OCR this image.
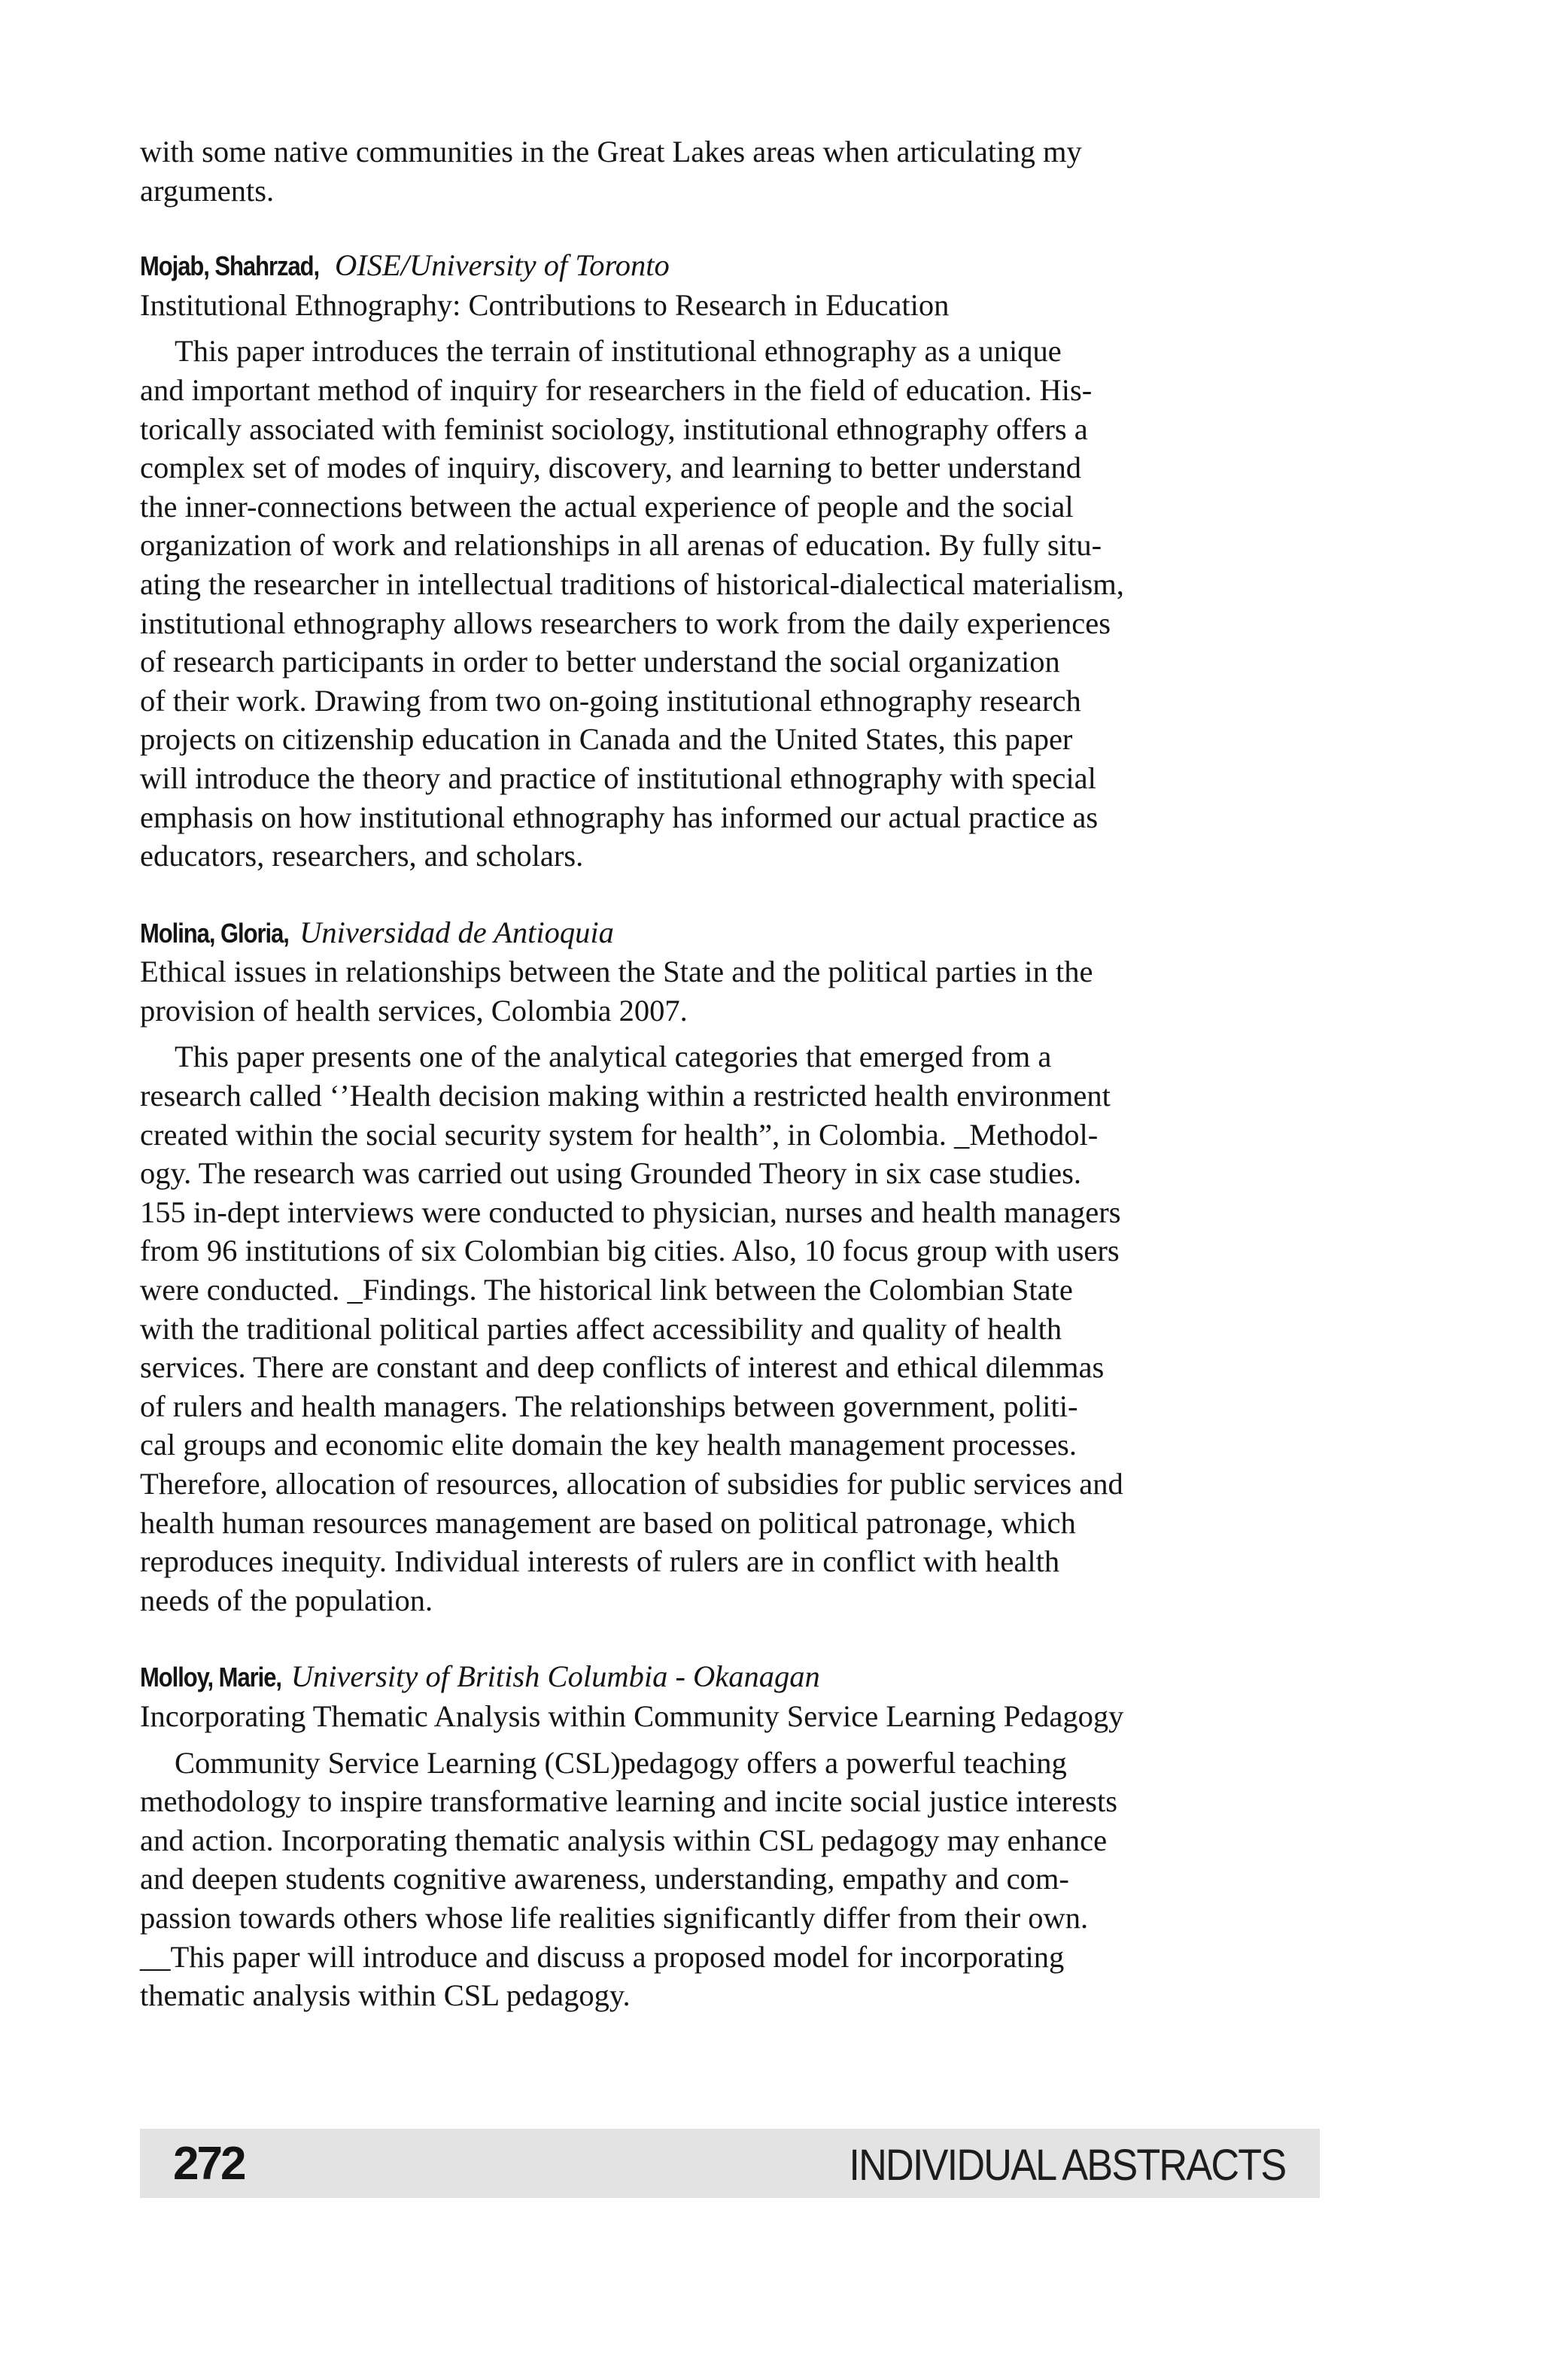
with some native communities in the Great Lakes areas when articulating my
arguments.

Mojab, Shahrzad, OISE/University of Toronto

Institutional Ethnography: Contributions to Research in Education

This paper introduces the terrain of institutional ethnography as a unique
and important method of inquiry for researchers in the field of education. His-
torically associated with feminist sociology, institutional ethnography offers a
complex set of modes of inquiry, discovery, and learning to better understand
the inner-connections between the actual experience of people and the social
organization of work and relationships in all arenas of education. By fully situ-
ating the researcher in intellectual traditions of historical-dialectical materialism,
institutional ethnography allows researchers to work from the daily experiences
of research participants in order to better understand the social organization
of their work. Drawing from two on-going institutional ethnography research
projects on citizenship education in Canada and the United States, this paper
will introduce the theory and practice of institutional ethnography with special
emphasis on how institutional ethnography has informed our actual practice as
educators, researchers, and scholars.

Molina, Gloria, Universidad de Antioquia

Ethical issues in relationships between the State and the political parties in the
provision of health services, Colombia 2007.

This paper presents one of the analytical categories that emerged from a
research called ‘’Health decision making within a restricted health environment
created within the social security system for health”, in Colombia. _Methodol-
ogy. The research was carried out using Grounded Theory in six case studies.
155 in-dept interviews were conducted to physician, nurses and health managers
from 96 institutions of six Colombian big cities. Also, 10 focus group with users
were conducted. _Findings. The historical link between the Colombian State
with the traditional political parties affect accessibility and quality of health
services. There are constant and deep conflicts of interest and ethical dilemmas
of rulers and health managers. The relationships between government, politi-
cal groups and economic elite domain the key health management processes.
Therefore, allocation of resources, allocation of subsidies for public services and
health human resources management are based on political patronage, which
reproduces inequity. Individual interests of rulers are in conflict with health
needs of the population.

Molloy, Marie, University of British Columbia - Okanagan

Incorporating Thematic Analysis within Community Service Learning Pedagogy

Community Service Learning (CSL)pedagogy offers a powerful teaching
methodology to inspire transformative learning and incite social justice interests
and action. Incorporating thematic analysis within CSL pedagogy may enhance
and deepen students cognitive awareness, understanding, empathy and com-
passion towards others whose life realities significantly differ from their own.
__This paper will introduce and discuss a proposed model for incorporating
thematic analysis within CSL pedagogy.

272	INDIVIDUAL ABSTRACTS
